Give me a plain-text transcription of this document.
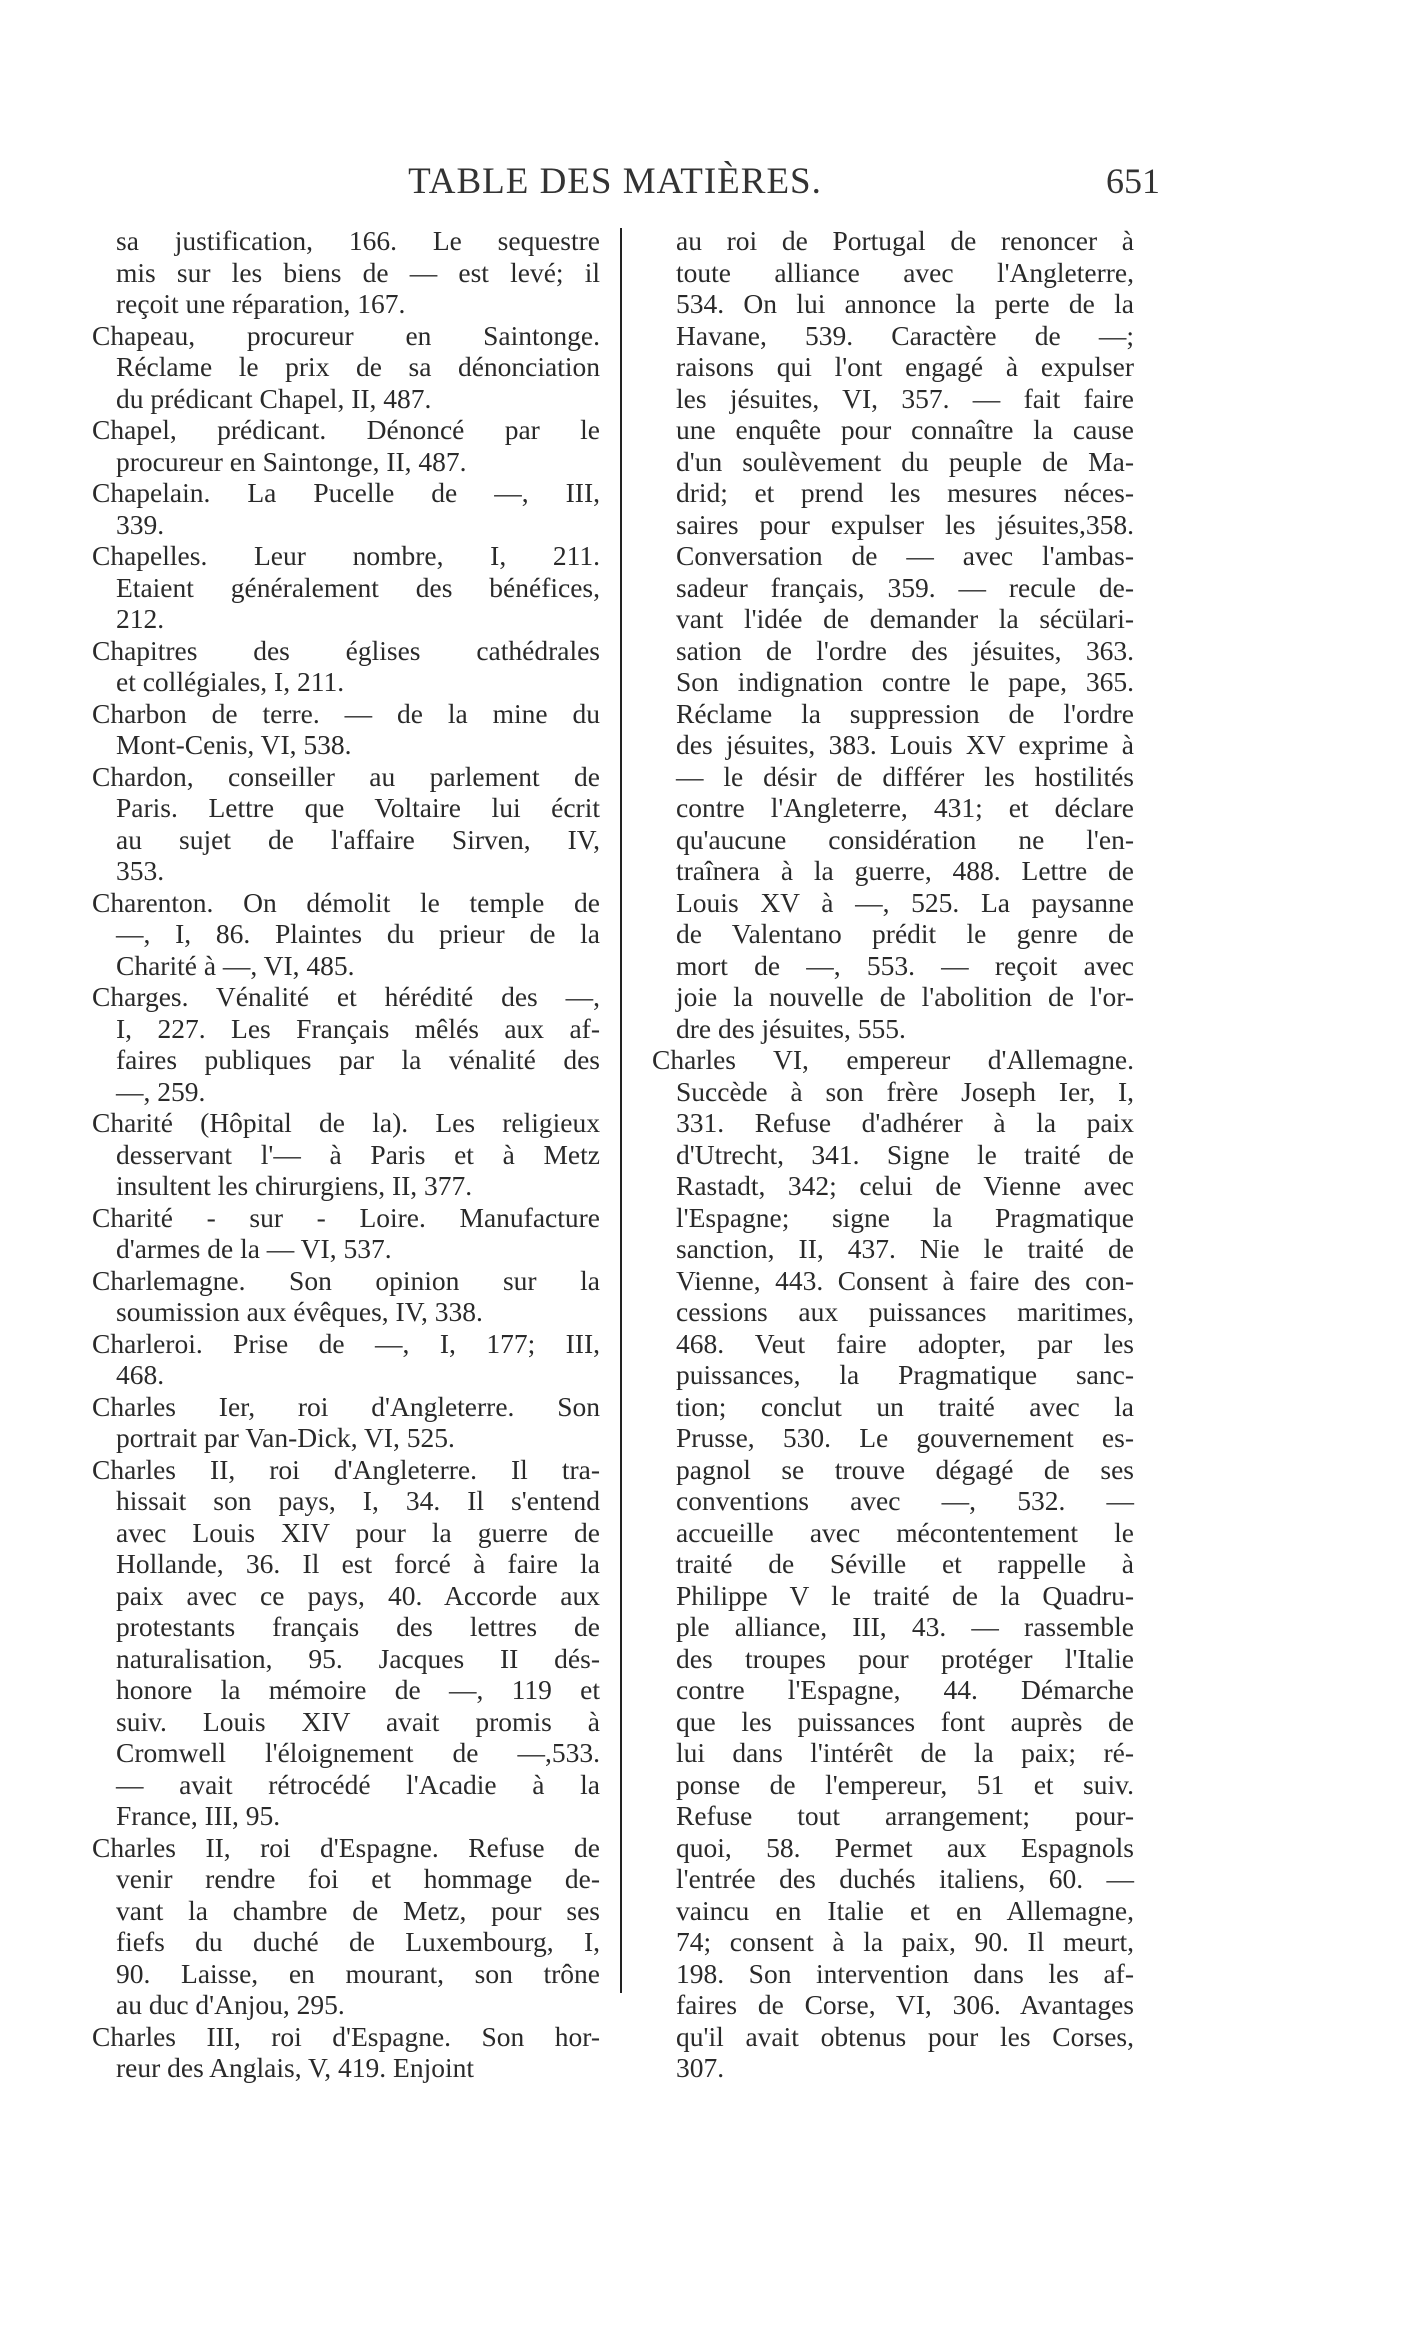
TABLE DES MATIÈRES.	651
sa justification, 166. Le sequestre
mis sur les biens de — est levé; il
reçoit une réparation, 167.
Chapeau, procureur en Saintonge.
Réclame le prix de sa dénonciation
du prédicant Chapel, II, 487.
Chapel, prédicant. Dénoncé par le
procureur en Saintonge, II, 487.
Chapelain. La Pucelle de —, III,
339.
Chapelles. Leur nombre, I, 211.
Etaient généralement des bénéfices,
212.
Chapitres des églises cathédrales
et collégiales, I, 211.
Charbon de terre. — de la mine du
Mont-Cenis, VI, 538.
Chardon, conseiller au parlement de
Paris. Lettre que Voltaire lui écrit
au sujet de l'affaire Sirven, IV,
353.
Charenton. On démolit le temple de
—, I, 86. Plaintes du prieur de la
Charité à —, VI, 485.
Charges. Vénalité et hérédité des —,
I, 227. Les Français mêlés aux af-
faires publiques par la vénalité des
—, 259.
Charité (Hôpital de la). Les religieux
desservant l'— à Paris et à Metz
insultent les chirurgiens, II, 377.
Charité - sur - Loire. Manufacture
d'armes de la — VI, 537.
Charlemagne. Son opinion sur la
soumission aux évêques, IV, 338.
Charleroi. Prise de —, I, 177; III,
468.
Charles Ier, roi d'Angleterre. Son
portrait par Van-Dick, VI, 525.
Charles II, roi d'Angleterre. Il tra-
hissait son pays, I, 34. Il s'entend
avec Louis XIV pour la guerre de
Hollande, 36. Il est forcé à faire la
paix avec ce pays, 40. Accorde aux
protestants français des lettres de
naturalisation, 95. Jacques II dés-
honore la mémoire de —, 119 et
suiv. Louis XIV avait promis à
Cromwell l'éloignement de —,533.
— avait rétrocédé l'Acadie à la
France, III, 95.
Charles II, roi d'Espagne. Refuse de
venir rendre foi et hommage de-
vant la chambre de Metz, pour ses
fiefs du duché de Luxembourg, I,
90. Laisse, en mourant, son trône
au duc d'Anjou, 295.
Charles III, roi d'Espagne. Son hor-
reur des Anglais, V, 419. Enjoint
au roi de Portugal de renoncer à
toute alliance avec l'Angleterre,
534. On lui annonce la perte de la
Havane, 539. Caractère de —;
raisons qui l'ont engagé à expulser
les jésuites, VI, 357. — fait faire
une enquête pour connaître la cause
d'un soulèvement du peuple de Ma-
drid; et prend les mesures néces-
saires pour expulser les jésuites,358.
Conversation de — avec l'ambas-
sadeur français, 359. — recule de-
vant l'idée de demander la sécülari-
sation de l'ordre des jésuites, 363.
Son indignation contre le pape, 365.
Réclame la suppression de l'ordre
des jésuites, 383. Louis XV exprime à
— le désir de différer les hostilités
contre l'Angleterre, 431; et déclare
qu'aucune considération ne l'en-
traînera à la guerre, 488. Lettre de
Louis XV à —, 525. La paysanne
de Valentano prédit le genre de
mort de —, 553. — reçoit avec
joie la nouvelle de l'abolition de l'or-
dre des jésuites, 555.
Charles VI, empereur d'Allemagne.
Succède à son frère Joseph Ier, I,
331. Refuse d'adhérer à la paix
d'Utrecht, 341. Signe le traité de
Rastadt, 342; celui de Vienne avec
l'Espagne; signe la Pragmatique
sanction, II, 437. Nie le traité de
Vienne, 443. Consent à faire des con-
cessions aux puissances maritimes,
468. Veut faire adopter, par les
puissances, la Pragmatique sanc-
tion; conclut un traité avec la
Prusse, 530. Le gouvernement es-
pagnol se trouve dégagé de ses
conventions avec —, 532. —
accueille avec mécontentement le
traité de Séville et rappelle à
Philippe V le traité de la Quadru-
ple alliance, III, 43. — rassemble
des troupes pour protéger l'Italie
contre l'Espagne, 44. Démarche
que les puissances font auprès de
lui dans l'intérêt de la paix; ré-
ponse de l'empereur, 51 et suiv.
Refuse tout arrangement; pour-
quoi, 58. Permet aux Espagnols
l'entrée des duchés italiens, 60. —
vaincu en Italie et en Allemagne,
74; consent à la paix, 90. Il meurt,
198. Son intervention dans les af-
faires de Corse, VI, 306. Avantages
qu'il avait obtenus pour les Corses,
307.
